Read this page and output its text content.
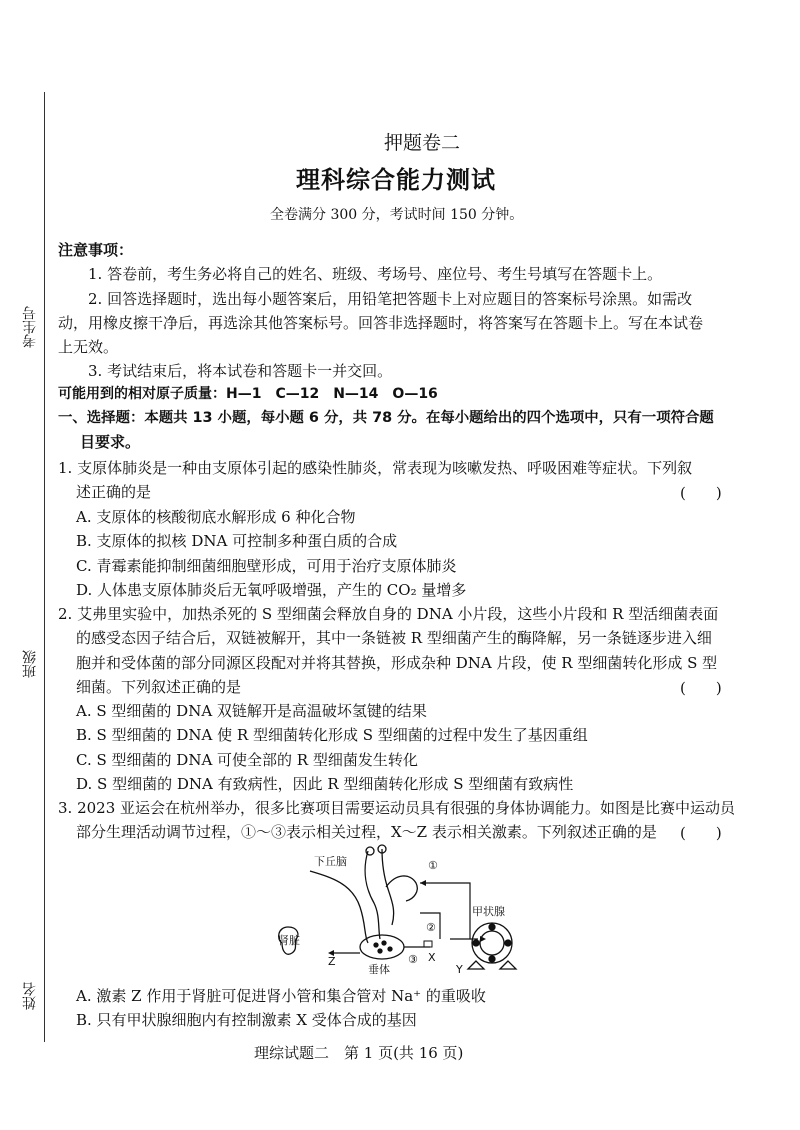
考生号
班级
姓名
押题卷二
理科综合能力测试
全卷满分 300 分，考试时间 150 分钟。
注意事项：
1. 答卷前，考生务必将自己的姓名、班级、考场号、座位号、考生号填写在答题卡上。
2. 回答选择题时，选出每小题答案后，用铅笔把答题卡上对应题目的答案标号涂黑。如需改
动，用橡皮擦干净后，再选涂其他答案标号。回答非选择题时，将答案写在答题卡上。写在本试卷
上无效。
3. 考试结束后，将本试卷和答题卡一并交回。
可能用到的相对原子质量：H—1　C—12　N—14　O—16
一、选择题：本题共 13 小题，每小题 6 分，共 78 分。在每小题给出的四个选项中，只有一项符合题
目要求。
1. 支原体肺炎是一种由支原体引起的感染性肺炎，常表现为咳嗽发热、呼吸困难等症状。下列叙
述正确的是	(　　)
A. 支原体的核酸彻底水解形成 6 种化合物
B. 支原体的拟核 DNA 可控制多种蛋白质的合成
C. 青霉素能抑制细菌细胞壁形成，可用于治疗支原体肺炎
D. 人体患支原体肺炎后无氧呼吸增强，产生的 CO₂ 量增多
2. 艾弗里实验中，加热杀死的 S 型细菌会释放自身的 DNA 小片段，这些小片段和 R 型活细菌表面
的感受态因子结合后，双链被解开，其中一条链被 R 型细菌产生的酶降解，另一条链逐步进入细
胞并和受体菌的部分同源区段配对并将其替换，形成杂种 DNA 片段，使 R 型细菌转化形成 S 型
细菌。下列叙述正确的是	(　　)
A. S 型细菌的 DNA 双链解开是高温破坏氢键的结果
B. S 型细菌的 DNA 使 R 型细菌转化形成 S 型细菌的过程中发生了基因重组
C. S 型细菌的 DNA 可使全部的 R 型细菌发生转化
D. S 型细菌的 DNA 有致病性，因此 R 型细菌转化形成 S 型细菌有致病性
3. 2023 亚运会在杭州举办，很多比赛项目需要运动员具有很强的身体协调能力。如图是比赛中运动员
部分生理活动调节过程，①～③表示相关过程，X～Z 表示相关激素。下列叙述正确的是 (　　)
下丘脑
垂体
肾脏
甲状腺
①
②
③ X
Y
Z
A. 激素 Z 作用于肾脏可促进肾小管和集合管对 Na⁺ 的重吸收
B. 只有甲状腺细胞内有控制激素 X 受体合成的基因
理综试题二　第 1 页(共 16 页)
